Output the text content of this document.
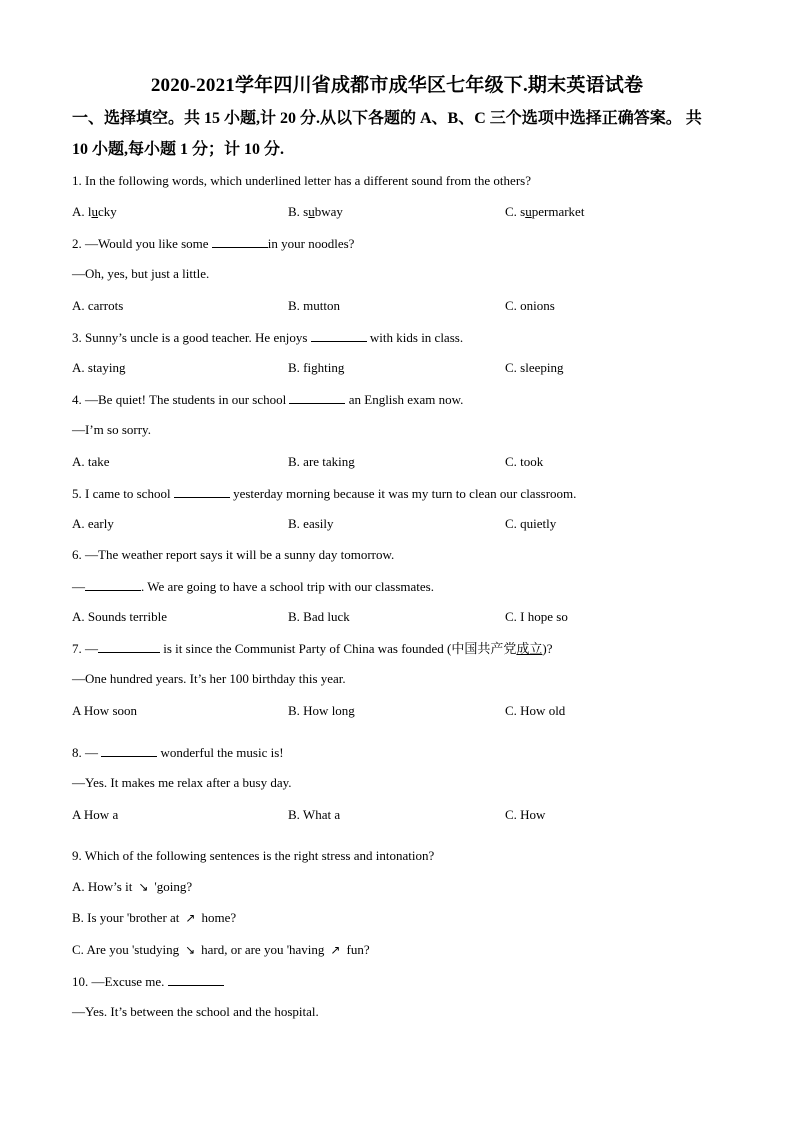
2020-2021学年四川省成都市成华区七年级下.期末英语试卷
一、选择填空。共 15 小题,计 20 分.从以下各题的 A、B、C 三个选项中选择正确答案。 共
10 小题,每小题 1 分；计 10 分.
1. In the following words, which underlined letter has a different sound from the others?
A. lucky	B. subway	C. supermarket
2. —Would you like some	in your noodles?
—Oh, yes, but just a little.
A. carrots	B. mutton	C. onions
3. Sunny’s uncle is a good teacher. He enjoys	with kids in class.
A. staying	B. fighting	C. sleeping
4. —Be quiet! The students in our school	an English exam now.
—I’m so sorry.
A. take	B. are taking	C. took
5. I came to school	yesterday morning because it was my turn to clean our classroom.
A. early	B. easily	C. quietly
6. —The weather report says it will be a sunny day tomorrow.
—	. We are going to have a school trip with our classmates.
A. Sounds terrible	B. Bad luck	C. I hope so
7. —	is it since the Communist Party of China was founded (中国共产党成立)?
—One hundred years. It’s her 100 birthday this year.
A How soon	B. How long	C. How old
8. —	wonderful the music is!
—Yes. It makes me relax after a busy day.
A How a	B. What a	C. How
9. Which of the following sentences is the right stress and intonation?
A. How’s it ↘ 'going?
B. Is your 'brother at ↗ home?
C. Are you 'studying ↘ hard, or are you 'having ↗ fun?
10. —Excuse me.
—Yes. It’s between the school and the hospital.
